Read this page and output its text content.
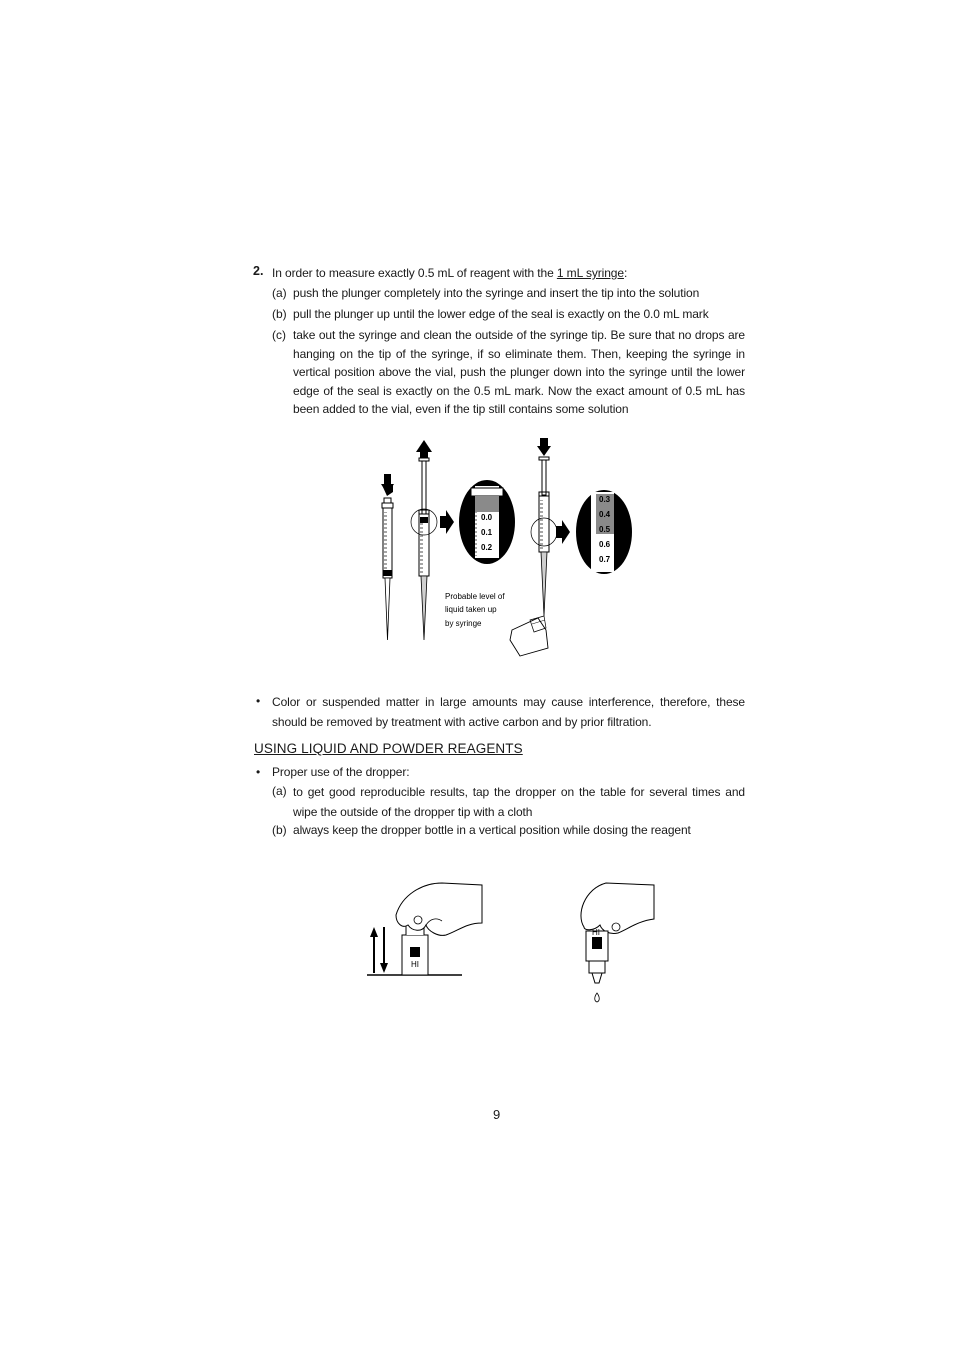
2. In order to measure exactly 0.5 mL of reagent with the 1 mL syringe:
(a) push the plunger completely into the syringe and insert the tip into the solution
(b) pull the plunger up until the lower edge of the seal is exactly on the 0.0 mL mark
(c) take out the syringe and clean the outside of the syringe tip. Be sure that no drops are hanging on the tip of the syringe, if so eliminate them. Then, keeping the syringe in vertical position above the vial, push the plunger down into the syringe until the lower edge of the seal is exactly on the 0.5 mL mark. Now the exact amount of 0.5 mL has been added to the vial, even if the tip still contains some solution
0.0
0.1
0.2
Probable level of
liquid taken up
by syringe
0.3
0.4
0.5
0.6
0.7
• Color or suspended matter in large amounts may cause interference, therefore, these should be removed by treatment with active carbon and by prior filtration.
USING LIQUID AND POWDER REAGENTS
• Proper use of the dropper:
(a) to get good reproducible results, tap the dropper on the table for several times and wipe the outside of the dropper tip with a cloth
(b) always keep the dropper bottle in a vertical position while dosing the reagent
HI
HI
9
